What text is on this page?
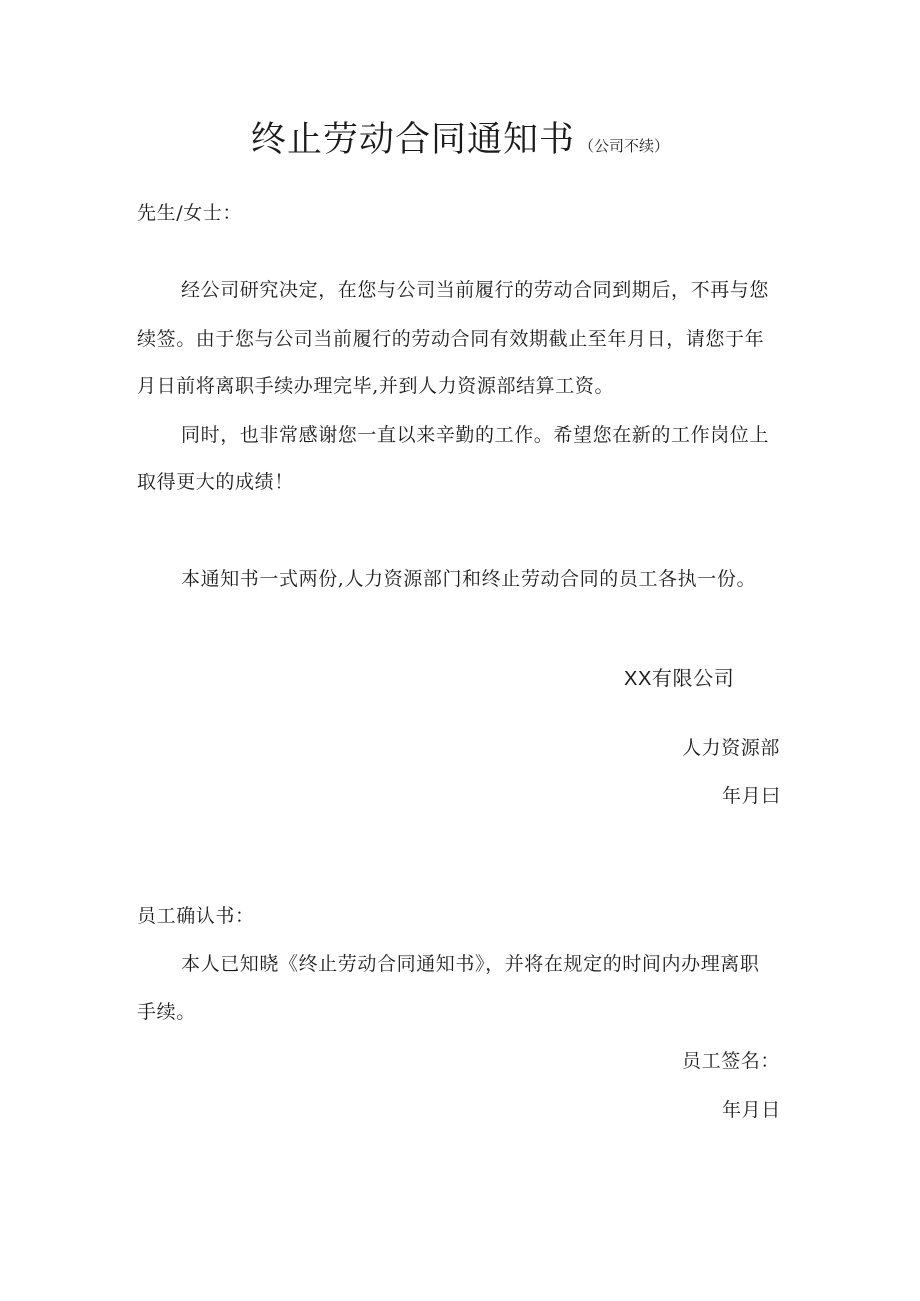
终止劳动合同通知书 （公司不续）
先生/女士：
经公司研究决定，在您与公司当前履行的劳动合同到期后，不再与您
续签。由于您与公司当前履行的劳动合同有效期截止至年月日，请您于年
月日前将离职手续办理完毕,并到人力资源部结算工资。
同时，也非常感谢您一直以来辛勤的工作。希望您在新的工作岗位上
取得更大的成绩！
本通知书一式两份,人力资源部门和终止劳动合同的员工各执一份。
XX有限公司
人力资源部
年月曰
员工确认书：
本人已知晓《终止劳动合同通知书》，并将在规定的时间内办理离职
手续。
员工签名：
年月日
